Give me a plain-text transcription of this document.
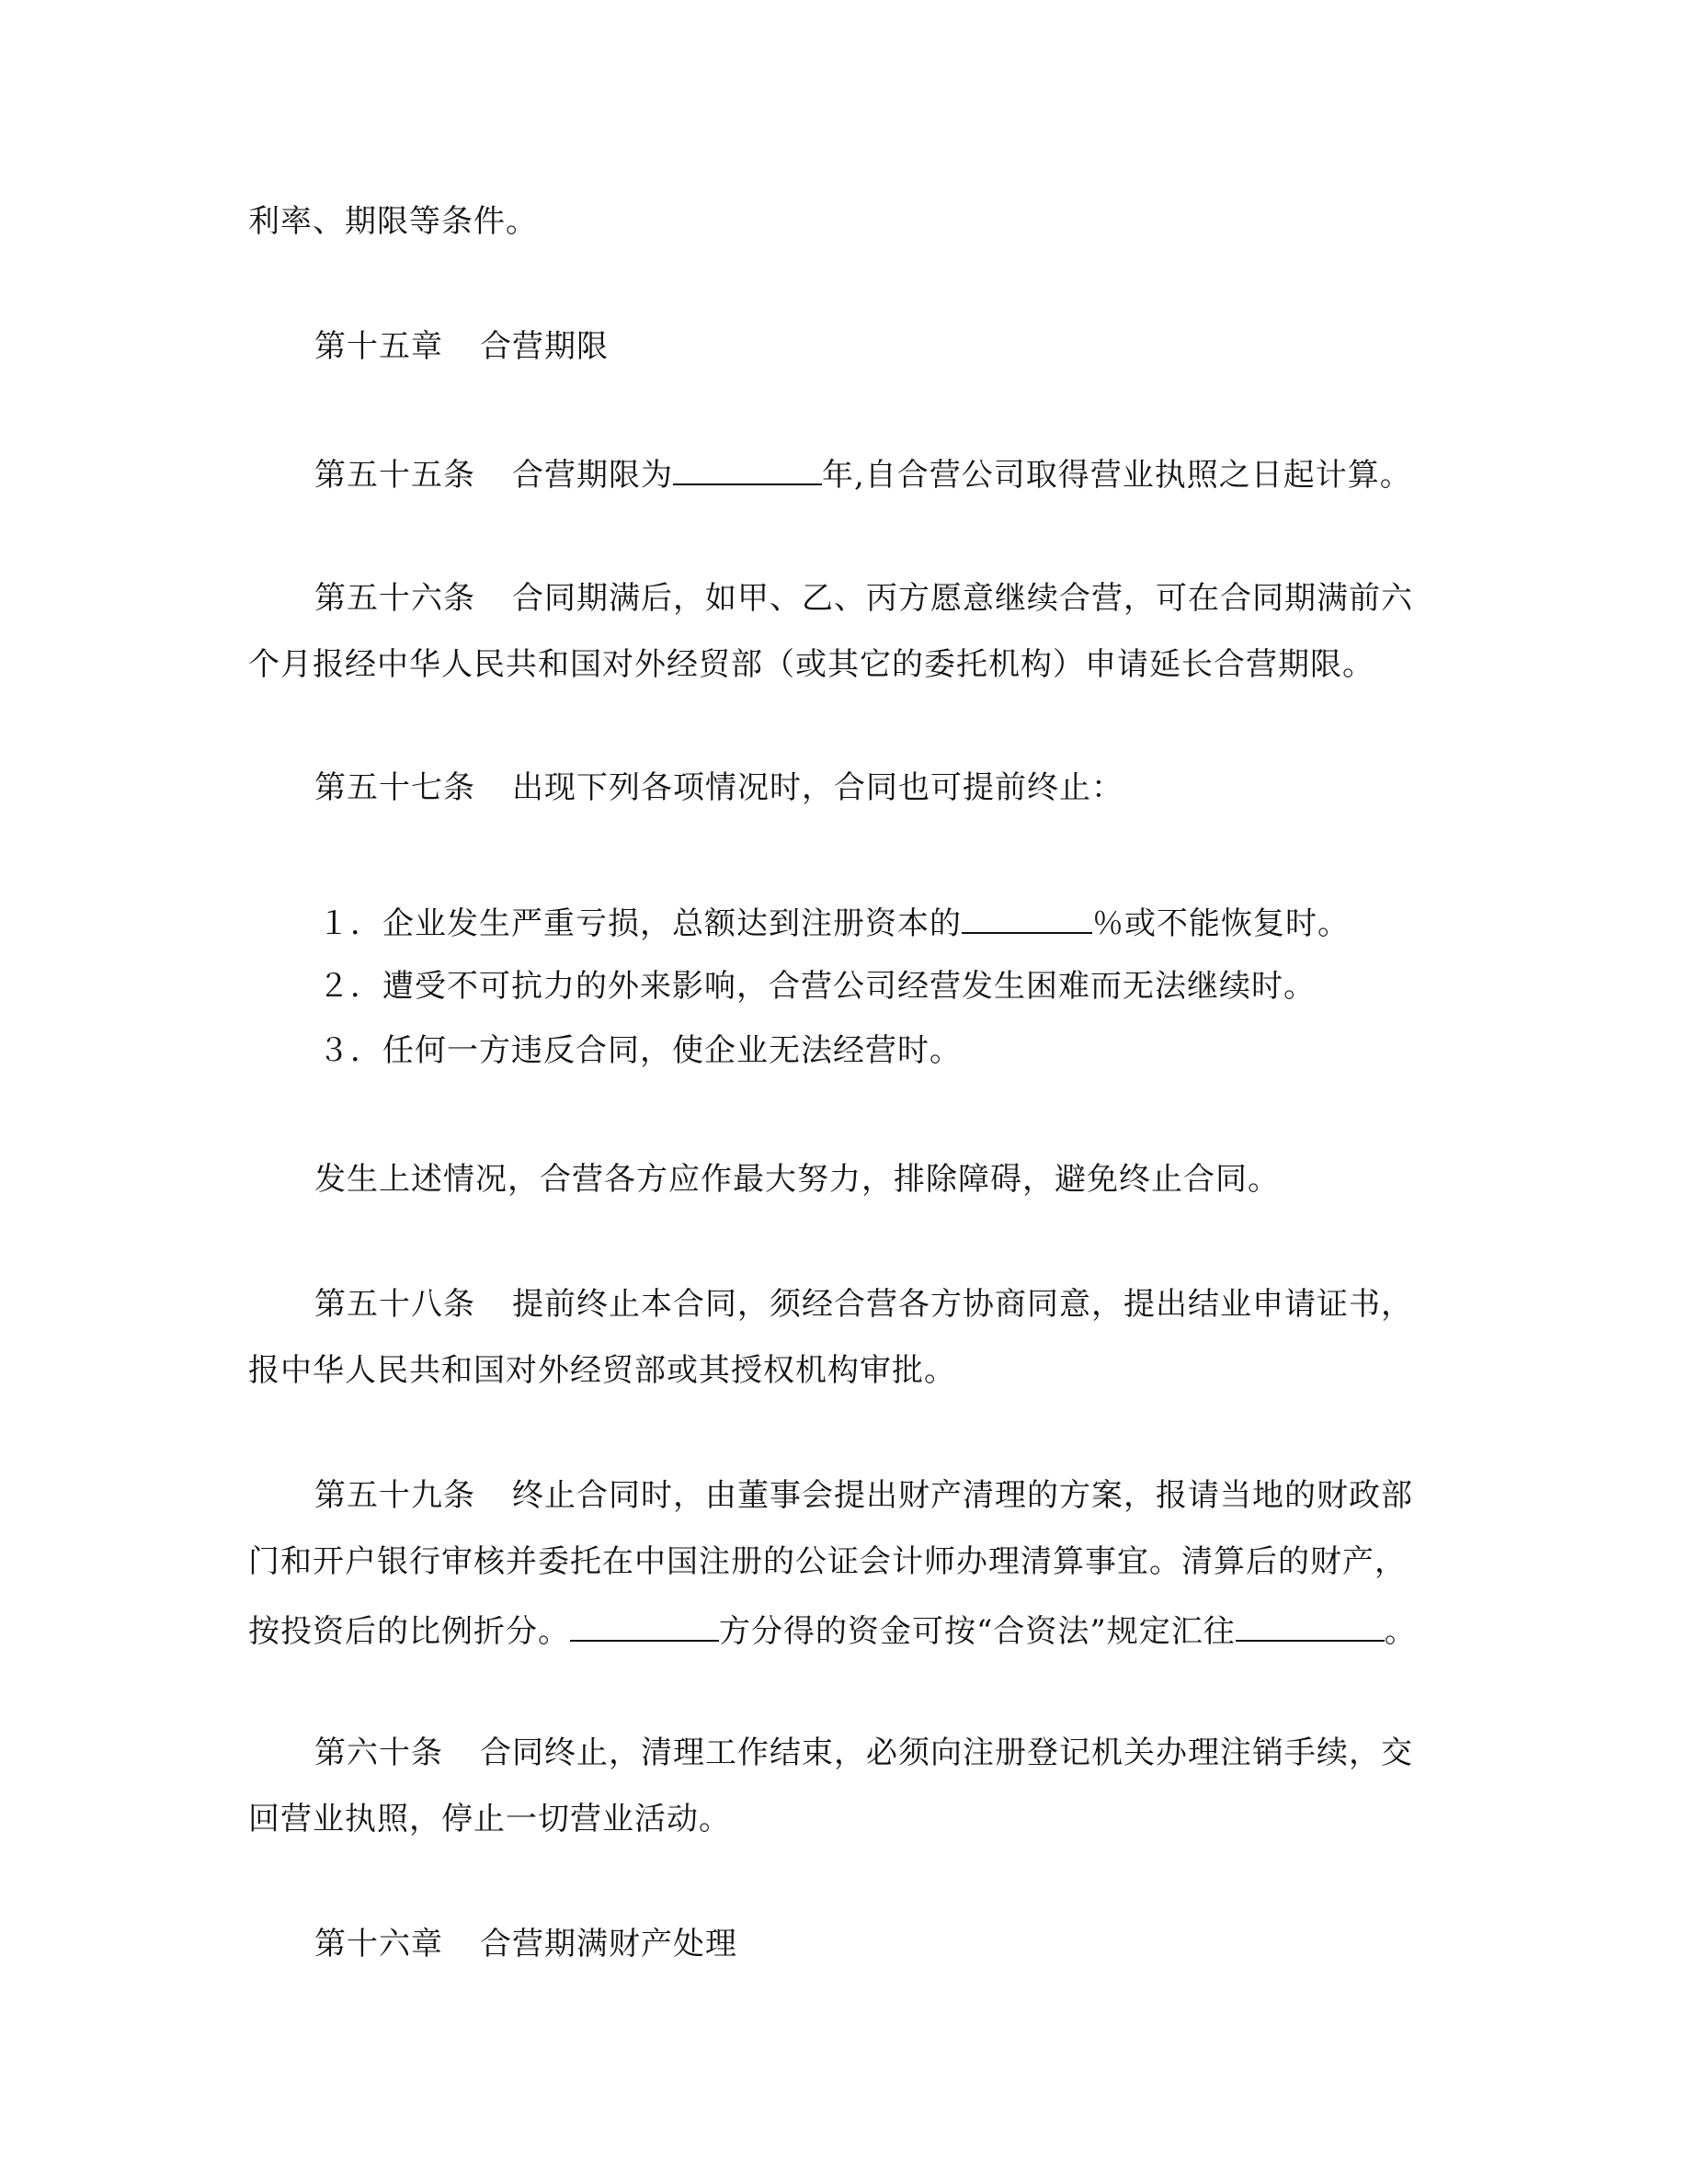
利率、期限等条件。
第十五章 合营期限
第五十五条 合营期限为	年,自合营公司取得营业执照之日起计算。
第五十六条 合同期满后，如甲、乙、丙方愿意继续合营，可在合同期满前六
个月报经中华人民共和国对外经贸部（或其它的委托机构）申请延长合营期限。
第五十七条 出现下列各项情况时，合同也可提前终止：
１．企业发生严重亏损，总额达到注册资本的	％或不能恢复时。
２．遭受不可抗力的外来影响，合营公司经营发生困难而无法继续时。
３．任何一方违反合同，使企业无法经营时。
发生上述情况，合营各方应作最大努力，排除障碍，避免终止合同。
第五十八条 提前终止本合同，须经合营各方协商同意，提出结业申请证书，
报中华人民共和国对外经贸部或其授权机构审批。
第五十九条 终止合同时，由董事会提出财产清理的方案，报请当地的财政部
门和开户银行审核并委托在中国注册的公证会计师办理清算事宜。清算后的财产，
按投资后的比例折分。	方分得的资金可按“合资法”规定汇往	。
第六十条 合同终止，清理工作结束，必须向注册登记机关办理注销手续，交
回营业执照，停止一切营业活动。
第十六章 合营期满财产处理
